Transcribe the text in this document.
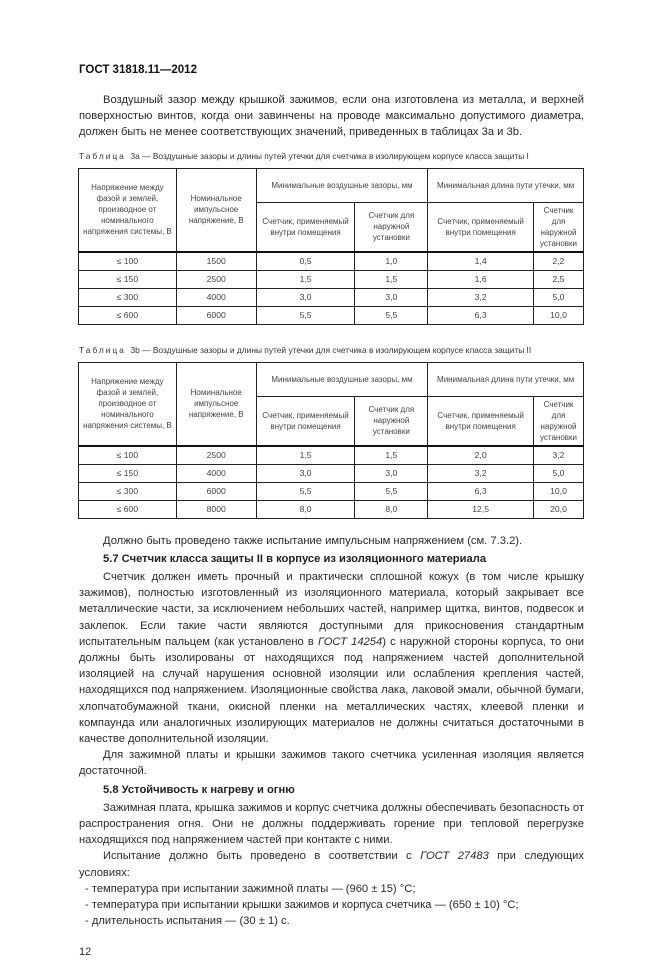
ГОСТ 31818.11—2012

Воздушный зазор между крышкой зажимов, если она изготовлена из металла, и верхней поверхностью винтов, когда они завинчены на проводе максимально допустимого диаметра, должен быть не менее соответствующих значений, приведенных в таблицах 3a и 3b.

Таблица 3a — Воздушные зазоры и длины путей утечки для счетчика в изолирующем корпусе класса защиты I
Напряжение между фазой и землей, производное от номинального напряжения системы, В	Номинальное импульсное напряжение, В	Минимальные воздушные зазоры, мм		Минимальная длина пути утечки, мм	
		Счетчик, применяемый внутри помещения	Счетчик для наружной установки	Счетчик, применяемый внутри помещения	Счетчик для наружной установки
≤ 100	1500	0,5	1,0	1,4	2,2
≤ 150	2500	1,5	1,5	1,6	2,5
≤ 300	4000	3,0	3,0	3,2	5,0
≤ 600	6000	5,5	5,5	6,3	10,0
Таблица 3b — Воздушные зазоры и длины путей утечки для счетчика в изолирующем корпусе класса защиты II
Напряжение между фазой и землей, производное от номинального напряжения системы, В	Номинальное импульсное напряжение, В	Минимальные воздушные зазоры, мм		Минимальная длина пути утечки, мм	
		Счетчик, применяемый внутри помещения	Счетчик для наружной установки	Счетчик, применяемый внутри помещения	Счетчик для наружной установки
≤ 100	2500	1,5	1,5	2,0	3,2
≤ 150	4000	3,0	3,0	3,2	5,0
≤ 300	6000	5,5	5,5	6,3	10,0
≤ 600	8000	8,0	8,0	12,5	20,0

Должно быть проведено также испытание импульсным напряжением (см. 7.3.2).

5.7 Счетчик класса защиты II в корпусе из изоляционного материала

Счетчик должен иметь прочный и практически сплошной кожух (в том числе крышку зажимов), полностью изготовленный из изоляционного материала, который закрывает все металлические части, за исключением небольших частей, например щитка, винтов, подвесок и заклепок. Если такие части являются доступными для прикосновения стандартным испытательным пальцем (как установлено в ГОСТ 14254) с наружной стороны корпуса, то они должны быть изолированы от находящихся под напряжением частей дополнительной изоляцией на случай нарушения основной изоляции или ослабления крепления частей, находящихся под напряжением. Изоляционные свойства лака, лаковой эмали, обычной бумаги, хлопчатобумажной ткани, окисной пленки на металлических частях, клеевой пленки и компаунда или аналогичных изолирующих материалов не должны считаться достаточными в качестве дополнительной изоляции.

Для зажимной платы и крышки зажимов такого счетчика усиленная изоляция является достаточной.

5.8 Устойчивость к нагреву и огню

Зажимная плата, крышка зажимов и корпус счетчика должны обеспечивать безопасность от распространения огня. Они не должны поддерживать горение при тепловой перегрузке находящихся под напряжением частей при контакте с ними.

Испытание должно быть проведено в соответствии с ГОСТ 27483 при следующих условиях:

- температура при испытании зажимной платы — (960 ± 15) °С;

- температура при испытании крышки зажимов и корпуса счетчика — (650 ± 10) °С;

- длительность испытания — (30 ± 1) с.

12
